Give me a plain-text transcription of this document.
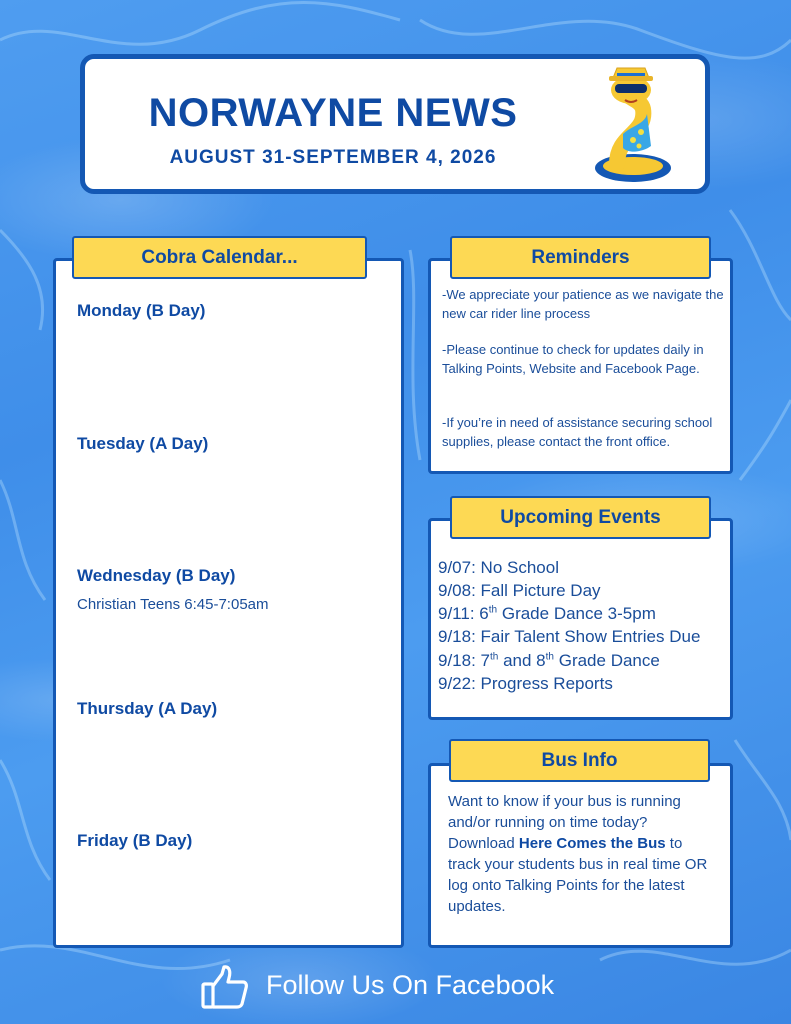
NORWAYNE NEWS
AUGUST 31-SEPTEMBER 4, 2026
Cobra Calendar...
Monday (B Day)
Tuesday (A Day)
Wednesday (B Day)
Christian Teens 6:45-7:05am
Thursday (A Day)
Friday (B Day)
Reminders
-We appreciate your patience as we navigate the new car rider line process
-Please continue to check for updates daily in Talking Points, Website and Facebook Page.
-If you’re in need of assistance securing school supplies, please contact the front office.
Upcoming Events
9/07: No School
9/08: Fall Picture Day
9/11: 6th Grade Dance 3-5pm
9/18: Fair Talent Show Entries Due
9/18: 7th and 8th Grade Dance
9/22: Progress Reports
Bus Info
Want to know if your bus is running and/or running on time today?
Download Here Comes the Bus to track your students bus in real time OR log onto Talking Points for the latest updates.
Follow Us On Facebook
